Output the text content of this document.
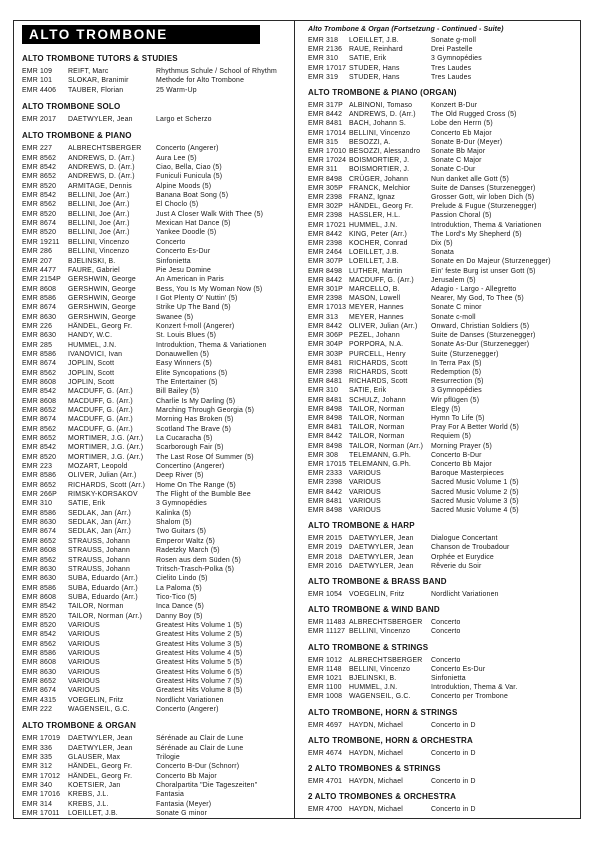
ALTO TROMBONE
ALTO TROMBONE TUTORS & STUDIES
EMR 109	REIFT, Marc	Rhythmus Schule / School of Rhythm
EMR 101	SLOKAR, Branimir	Methode for Alto Trombone
EMR 4406	TAUBER, Florian	25 Warm-Up
ALTO TROMBONE SOLO
EMR 2017	DAETWYLER, Jean	Largo et Scherzo
ALTO TROMBONE & PIANO
EMR 227	ALBRECHTSBERGER	Concerto (Angerer)
EMR 8562	ANDREWS, D. (Arr.)	Aura Lee (5)
EMR 8542	ANDREWS, D. (Arr.)	Ciao, Bella, Ciao (5)
EMR 8652	ANDREWS, D. (Arr.)	Funiculi Funicula (5)
EMR 8520	ARMITAGE, Dennis	Alpine Moods (5)
EMR 8542	BELLINI, Joe (Arr.)	Banana Boat Song (5)
EMR 8562	BELLINI, Joe (Arr.)	El Choclo (5)
EMR 8520	BELLINI, Joe (Arr.)	Just A Closer Walk With Thee (5)
EMR 8674	BELLINI, Joe (Arr.)	Mexican Hat Dance (5)
EMR 8520	BELLINI, Joe (Arr.)	Yankee Doodle (5)
EMR 19211	BELLINI, Vincenzo	Concerto
EMR 286	BELLINI, Vincenzo	Concerto Es-Dur
EMR 207	BJELINSKI, B.	Sinfonietta
EMR 4477	FAURE, Gabriel	Pie Jesu Domine
EMR 2154P	GERSHWIN, George	An American in Paris
EMR 8608	GERSHWIN, George	Bess, You Is My Woman Now (5)
EMR 8586	GERSHWIN, George	I Got Plenty O' Nuttin' (5)
EMR 8674	GERSHWIN, George	Strike Up The Band (5)
EMR 8630	GERSHWIN, George	Swanee (5)
EMR 226	HÄNDEL, Georg Fr.	Konzert f-moll (Angerer)
EMR 8630	HANDY, W.C.	St. Louis Blues (5)
EMR 285	HUMMEL, J.N.	Introduktion, Thema & Variationen
EMR 8586	IVANOVICI, Ivan	Donauwellen (5)
EMR 8674	JOPLIN, Scott	Easy Winners (5)
EMR 8562	JOPLIN, Scott	Elite Syncopations (5)
EMR 8608	JOPLIN, Scott	The Entertainer (5)
EMR 8542	MACDUFF, G. (Arr.)	Bill Bailey (5)
EMR 8608	MACDUFF, G. (Arr.)	Charlie Is My Darling (5)
EMR 8652	MACDUFF, G. (Arr.)	Marching Through Georgia (5)
EMR 8674	MACDUFF, G. (Arr.)	Morning Has Broken (5)
EMR 8562	MACDUFF, G. (Arr.)	Scotland The Brave (5)
EMR 8652	MORTIMER, J.G. (Arr.)	La Cucaracha (5)
EMR 8542	MORTIMER, J.G. (Arr.)	Scarborough Fair (5)
EMR 8520	MORTIMER, J.G. (Arr.)	The Last Rose Of Summer (5)
EMR 223	MOZART, Leopold	Concertino (Angerer)
EMR 8586	OLIVER, Julian (Arr.)	Deep River (5)
EMR 8652	RICHARDS, Scott (Arr.)	Home On The Range (5)
EMR 266P	RIMSKY-KORSAKOV	The Flight of the Bumble Bee
EMR 310	SATIE, Erik	3 Gymnopédies
EMR 8586	SEDLAK, Jan (Arr.)	Kalinka (5)
EMR 8630	SEDLAK, Jan (Arr.)	Shalom (5)
EMR 8674	SEDLAK, Jan (Arr.)	Two Guitars (5)
EMR 8652	STRAUSS, Johann	Emperor Waltz (5)
EMR 8608	STRAUSS, Johann	Radetzky March (5)
EMR 8562	STRAUSS, Johann	Rosen aus dem Süden (5)
EMR 8630	STRAUSS, Johann	Tritsch-Trasch-Polka (5)
EMR 8630	SUBA, Eduardo (Arr.)	Cielito Lindo (5)
EMR 8586	SUBA, Eduardo (Arr.)	La Paloma (5)
EMR 8608	SUBA, Eduardo (Arr.)	Tico-Tico (5)
EMR 8542	TAILOR, Norman	Inca Dance (5)
EMR 8520	TAILOR, Norman (Arr.)	Danny Boy (5)
EMR 8520	VARIOUS	Greatest Hits Volume 1 (5)
EMR 8542	VARIOUS	Greatest Hits Volume 2 (5)
EMR 8562	VARIOUS	Greatest Hits Volume 3 (5)
EMR 8586	VARIOUS	Greatest Hits Volume 4 (5)
EMR 8608	VARIOUS	Greatest Hits Volume 5 (5)
EMR 8630	VARIOUS	Greatest Hits Volume 6 (5)
EMR 8652	VARIOUS	Greatest Hits Volume 7 (5)
EMR 8674	VARIOUS	Greatest Hits Volume 8 (5)
EMR 4315	VOEGELIN, Fritz	Nordlicht Variationen
EMR 222	WAGENSEIL, G.C.	Concerto (Angerer)
ALTO TROMBONE & ORGAN
EMR 17019	DAETWYLER, Jean	Sérénade au Clair de Lune
EMR 336	DAETWYLER, Jean	Sérénade au Clair de Lune
EMR 335	GLAUSER, Max	Trilogie
EMR 312	HÄNDEL, Georg Fr.	Concerto B-Dur (Schnorr)
EMR 17012	HÄNDEL, Georg Fr.	Concerto Bb Major
EMR 340	KOETSIER, Jan	Choralpartita "Die Tageszeiten"
EMR 17016	KREBS, J.L.	Fantasia
EMR 314	KREBS, J.L.	Fantasia (Meyer)
EMR 17011	LOEILLET, J.B.	Sonate G minor
Alto Trombone & Organ (Fortsetzung - Continued - Suite)
EMR 318	LOEILLET, J.B.	Sonate g-moll
EMR 2136 RAUE, Reinhard	Drei Pastelle
EMR 310	SATIE, Erik	3 Gymnopédies
EMR 17017 STUDER, Hans	Tres Laudes
EMR 319	STUDER, Hans	Tres Laudes
ALTO TROMBONE & PIANO (ORGAN)
EMR 317P ALBINONI, Tomaso	Konzert B-Dur
EMR 8442 ANDREWS, D. (Arr.)	The Old Rugged Cross (5)
EMR 8481 BACH, Johann S.	Lobe den Herrn (5)
EMR 17014 BELLINI, Vincenzo	Concerto Eb Major
EMR 315	BESOZZI, A.	Sonate B-Dur (Meyer)
EMR 17010 BESOZZI, Alessandro	Sonate Bb Major
EMR 17024 BOISMORTIER, J.	Sonate C Major
EMR 311	BOISMORTIER, J.	Sonate C-Dur
EMR 8498 CRÜGER, Johann	Nun danket alle Gott (5)
EMR 305P FRANCK, Melchior	Suite de Danses (Sturzenegger)
EMR 2398 FRANZ, Ignaz	Grosser Gott, wir loben Dich (5)
EMR 302P HÄNDEL, Georg Fr.	Prelude & Fugue (Sturzenegger)
EMR 2398 HASSLER, H.L.	Passion Choral (5)
EMR 17021 HUMMEL, J.N.	Introduktion, Thema & Variationen
EMR 8442 KING, Peter (Arr.)	The Lord's My Shepherd (5)
EMR 2398 KOCHER, Conrad	Dix (5)
EMR 2464 LOEILLET, J.B.	Sonata
EMR 307P LOEILLET, J.B.	Sonate en Do Majeur (Sturzenegger)
EMR 8498 LUTHER, Martin	Ein' feste Burg ist unser Gott (5)
EMR 8442 MACDUFF, G. (Arr.)	Jerusalem (5)
EMR 301P MARCELLO, B.	Adagio - Largo - Allegretto
EMR 2398 MASON, Lowell	Nearer, My God, To Thee (5)
EMR 17013 MEYER, Hannes	Sonate C minor
EMR 313	MEYER, Hannes	Sonate c-moll
EMR 8442 OLIVER, Julian (Arr.)	Onward, Christian Soldiers (5)
EMR 306P PEZEL, Johann	Suite de Danses (Sturzenegger)
EMR 304P PORPORA, N.A.	Sonate As-Dur (Sturzenegger)
EMR 303P PURCELL, Henry	Suite (Sturzenegger)
EMR 8481 RICHARDS, Scott	In Terra Pax (5)
EMR 2398 RICHARDS, Scott	Redemption (5)
EMR 8481 RICHARDS, Scott	Resurrection (5)
EMR 310	SATIE, Erik	3 Gymnopédies
EMR 8481 SCHULZ, Johann	Wir pflügen (5)
EMR 8498 TAILOR, Norman	Elegy (5)
EMR 8498 TAILOR, Norman	Hymn To Life (5)
EMR 8481 TAILOR, Norman	Pray For A Better World (5)
EMR 8442 TAILOR, Norman	Requiem (5)
EMR 8498 TAILOR, Norman (Arr.)	Morning Prayer (5)
EMR 308	TELEMANN, G.Ph.	Concerto B-Dur
EMR 17015 TELEMANN, G.Ph.	Concerto Bb Major
EMR 2333 VARIOUS	Baroque Masterpieces
EMR 2398 VARIOUS	Sacred Music Volume 1 (5)
EMR 8442 VARIOUS	Sacred Music Volume 2 (5)
EMR 8481 VARIOUS	Sacred Music Volume 3 (5)
EMR 8498 VARIOUS	Sacred Music Volume 4 (5)
ALTO TROMBONE & HARP
EMR 2015 DAETWYLER, Jean	Dialogue Concertant
EMR 2019 DAETWYLER, Jean	Chanson de Troubadour
EMR 2018 DAETWYLER, Jean	Orphée et Eurydice
EMR 2016 DAETWYLER, Jean	Rêverie du Soir
ALTO TROMBONE & BRASS BAND
EMR 1054 VOEGELIN, Fritz	Nordlicht Variationen
ALTO TROMBONE & WIND BAND
EMR 11483 ALBRECHTSBERGER	Concerto
EMR 11127 BELLINI, Vincenzo	Concerto
ALTO TROMBONE & STRINGS
EMR 1012 ALBRECHTSBERGER	Concerto
EMR 1148	BELLINI, Vincenzo	Concerto Es-Dur
EMR 1021 BJELINSKI, B.	Sinfonietta
EMR 1100	HUMMEL, J.N.	Introduktion, Thema & Var.
EMR 1008 WAGENSEIL, G.C.	Concerto per Trombone
ALTO TROMBONE, HORN & STRINGS
EMR 4697 HAYDN, Michael	Concerto in D
ALTO TROMBONE, HORN & ORCHESTRA
EMR 4674 HAYDN, Michael	Concerto in D
2 ALTO TROMBONES & STRINGS
EMR 4701 HAYDN, Michael	Concerto in D
2 ALTO TROMBONES & ORCHESTRA
EMR 4700 HAYDN, Michael	Concerto in D
